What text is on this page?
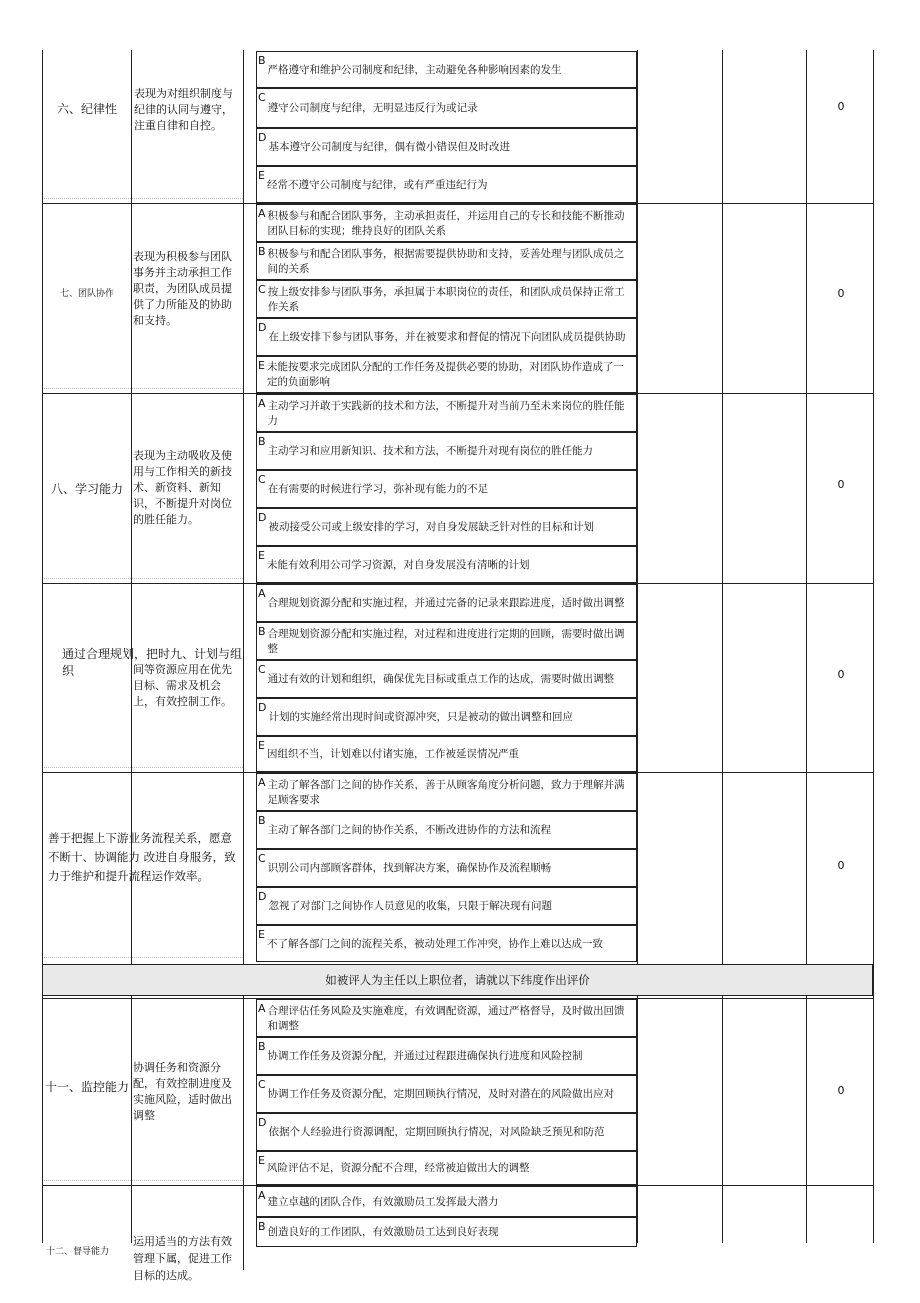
六、纪律性
表现为对组织制度与纪律的认同与遵守，注重自律和自控。
B
严格遵守和维护公司制度和纪律，主动避免各种影响因素的发生
C
遵守公司制度与纪律，无明显违反行为或记录
D
基本遵守公司制度与纪律，偶有微小错误但及时改进
E
经常不遵守公司制度与纪律，或有严重违纪行为
0
七、团队协作
表现为积极参与团队事务并主动承担工作职责，为团队成员提供了力所能及的协助和支持。
A 积极参与和配合团队事务，主动承担责任，并运用自己的专长和技能不断推动团队目标的实现；维持良好的团队关系
B 积极参与和配合团队事务，根据需要提供协助和支持，妥善处理与团队成员之间的关系
C 按上级安排参与团队事务，承担属于本职岗位的责任，和团队成员保持正常工作关系
D
在上级安排下参与团队事务，并在被要求和督促的情况下向团队成员提供协助
E 未能按要求完成团队分配的工作任务及提供必要的协助，对团队协作造成了一定的负面影响
0
八、学习能力
表现为主动吸收及使用与工作相关的新技术、新资料、新知识，不断提升对岗位的胜任能力。
A 主动学习并敢于实践新的技术和方法，不断提升对当前乃至未来岗位的胜任能力
B
主动学习和应用新知识、技术和方法，不断提升对现有岗位的胜任能力
C
在有需要的时候进行学习，弥补现有能力的不足
D
被动接受公司或上级安排的学习，对自身发展缺乏针对性的目标和计划
E
未能有效利用公司学习资源，对自身发展没有清晰的计划
0
通过合理规划，把时九、计划与组织	间等资源应用在优先目标、需求及机会上，有效控制工作。
A
合理规划资源分配和实施过程，并通过完备的记录来跟踪进度，适时做出调整
B 合理规划资源分配和实施过程，对过程和进度进行定期的回顾，需要时做出调整
C
通过有效的计划和组织，确保优先目标或重点工作的达成，需要时做出调整
D
计划的实施经常出现时间或资源冲突，只是被动的做出调整和回应
E
因组织不当，计划难以付诸实施，工作被延误情况严重
0
善于把握上下游业务流程关系，愿意不断十、协调能力 改进自身服务，致力于维护和提升流程运作效率。
A 主动了解各部门之间的协作关系，善于从顾客角度分析问题，致力于理解并满足顾客要求
B
主动了解各部门之间的协作关系，不断改进协作的方法和流程
C
识别公司内部顾客群体，找到解决方案，确保协作及流程顺畅
D
忽视了对部门之间协作人员意见的收集，只限于解决现有问题
E
不了解各部门之间的流程关系，被动处理工作冲突，协作上难以达成一致
0
如被评人为主任以上职位者，请就以下纬度作出评价
十一、监控能力
协调任务和资源分配，有效控制进度及实施风险，适时做出调整
A 合理评估任务风险及实施难度，有效调配资源，通过严格督导，及时做出回馈和调整
B
协调工作任务及资源分配，并通过过程跟进确保执行进度和风险控制
C
协调工作任务及资源分配，定期回顾执行情况，及时对潜在的风险做出应对
D
依据个人经验进行资源调配，定期回顾执行情况，对风险缺乏预见和防范
E
风险评估不足，资源分配不合理，经常被迫做出大的调整
0
十二、督导能力
运用适当的方法有效管理下属，促进工作目标的达成。
A 建立卓越的团队合作，有效激励员工发挥最大潜力
B 创造良好的工作团队，有效激励员工达到良好表现
